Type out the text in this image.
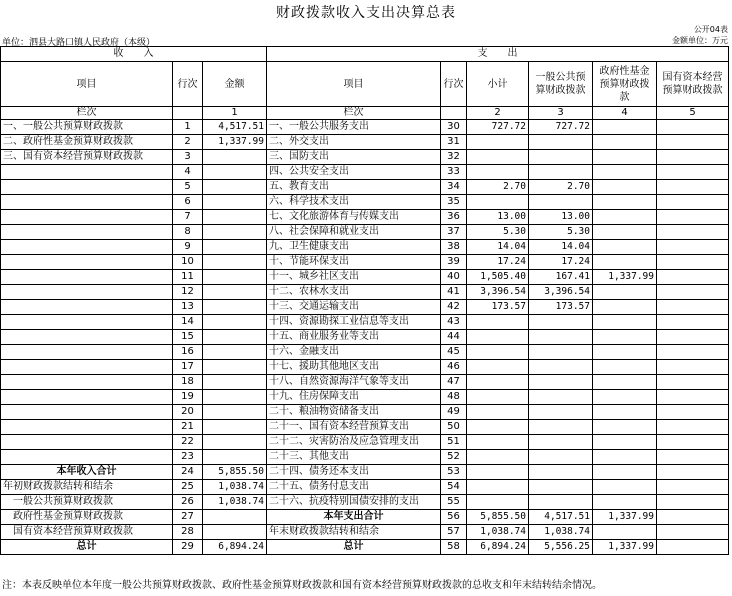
财政拨款收入支出决算总表
公开04表
单位：泗县大路口镇人民政府（本级）	金额单位：万元
收　　入			支　　出					
项目	行次	金额	项目	行次	小计	一般公共预算财政拨款	政府性基金预算财政拨款	国有资本经营预算财政拨款
栏次		1	栏次		2	3	4	5
一、一般公共预算财政拨款	1	4,517.51	一、一般公共服务支出	30	727.72	727.72		
二、政府性基金预算财政拨款	2	1,337.99	二、外交支出	31				
三、国有资本经营预算财政拨款	3		三、国防支出	32				
	4		四、公共安全支出	33				
	5		五、教育支出	34	2.70	2.70		
	6		六、科学技术支出	35				
	7		七、文化旅游体育与传媒支出	36	13.00	13.00		
	8		八、社会保障和就业支出	37	5.30	5.30		
	9		九、卫生健康支出	38	14.04	14.04		
	10		十、节能环保支出	39	17.24	17.24		
	11		十一、城乡社区支出	40	1,505.40	167.41	1,337.99	
	12		十二、农林水支出	41	3,396.54	3,396.54		
	13		十三、交通运输支出	42	173.57	173.57		
	14		十四、资源勘探工业信息等支出	43				
	15		十五、商业服务业等支出	44				
	16		十六、金融支出	45				
	17		十七、援助其他地区支出	46				
	18		十八、自然资源海洋气象等支出	47				
	19		十九、住房保障支出	48				
	20		二十、粮油物资储备支出	49				
	21		二十一、国有资本经营预算支出	50				
	22		二十二、灾害防治及应急管理支出	51				
	23		二十三、其他支出	52				
本年收入合计	24	5,855.50	二十四、债务还本支出	53				
年初财政拨款结转和结余	25	1,038.74	二十五、债务付息支出	54				
　一般公共预算财政拨款	26	1,038.74	二十六、抗疫特别国债安排的支出	55				
　政府性基金预算财政拨款	27		本年支出合计	56	5,855.50	4,517.51	1,337.99	
　国有资本经营预算财政拨款	28		年末财政拨款结转和结余	57	1,038.74	1,038.74		
总计	29	6,894.24	总计	58	6,894.24	5,556.25	1,337.99	
注：本表反映单位本年度一般公共预算财政拨款、政府性基金预算财政拨款和国有资本经营预算财政拨款的总收支和年末结转结余情况。
